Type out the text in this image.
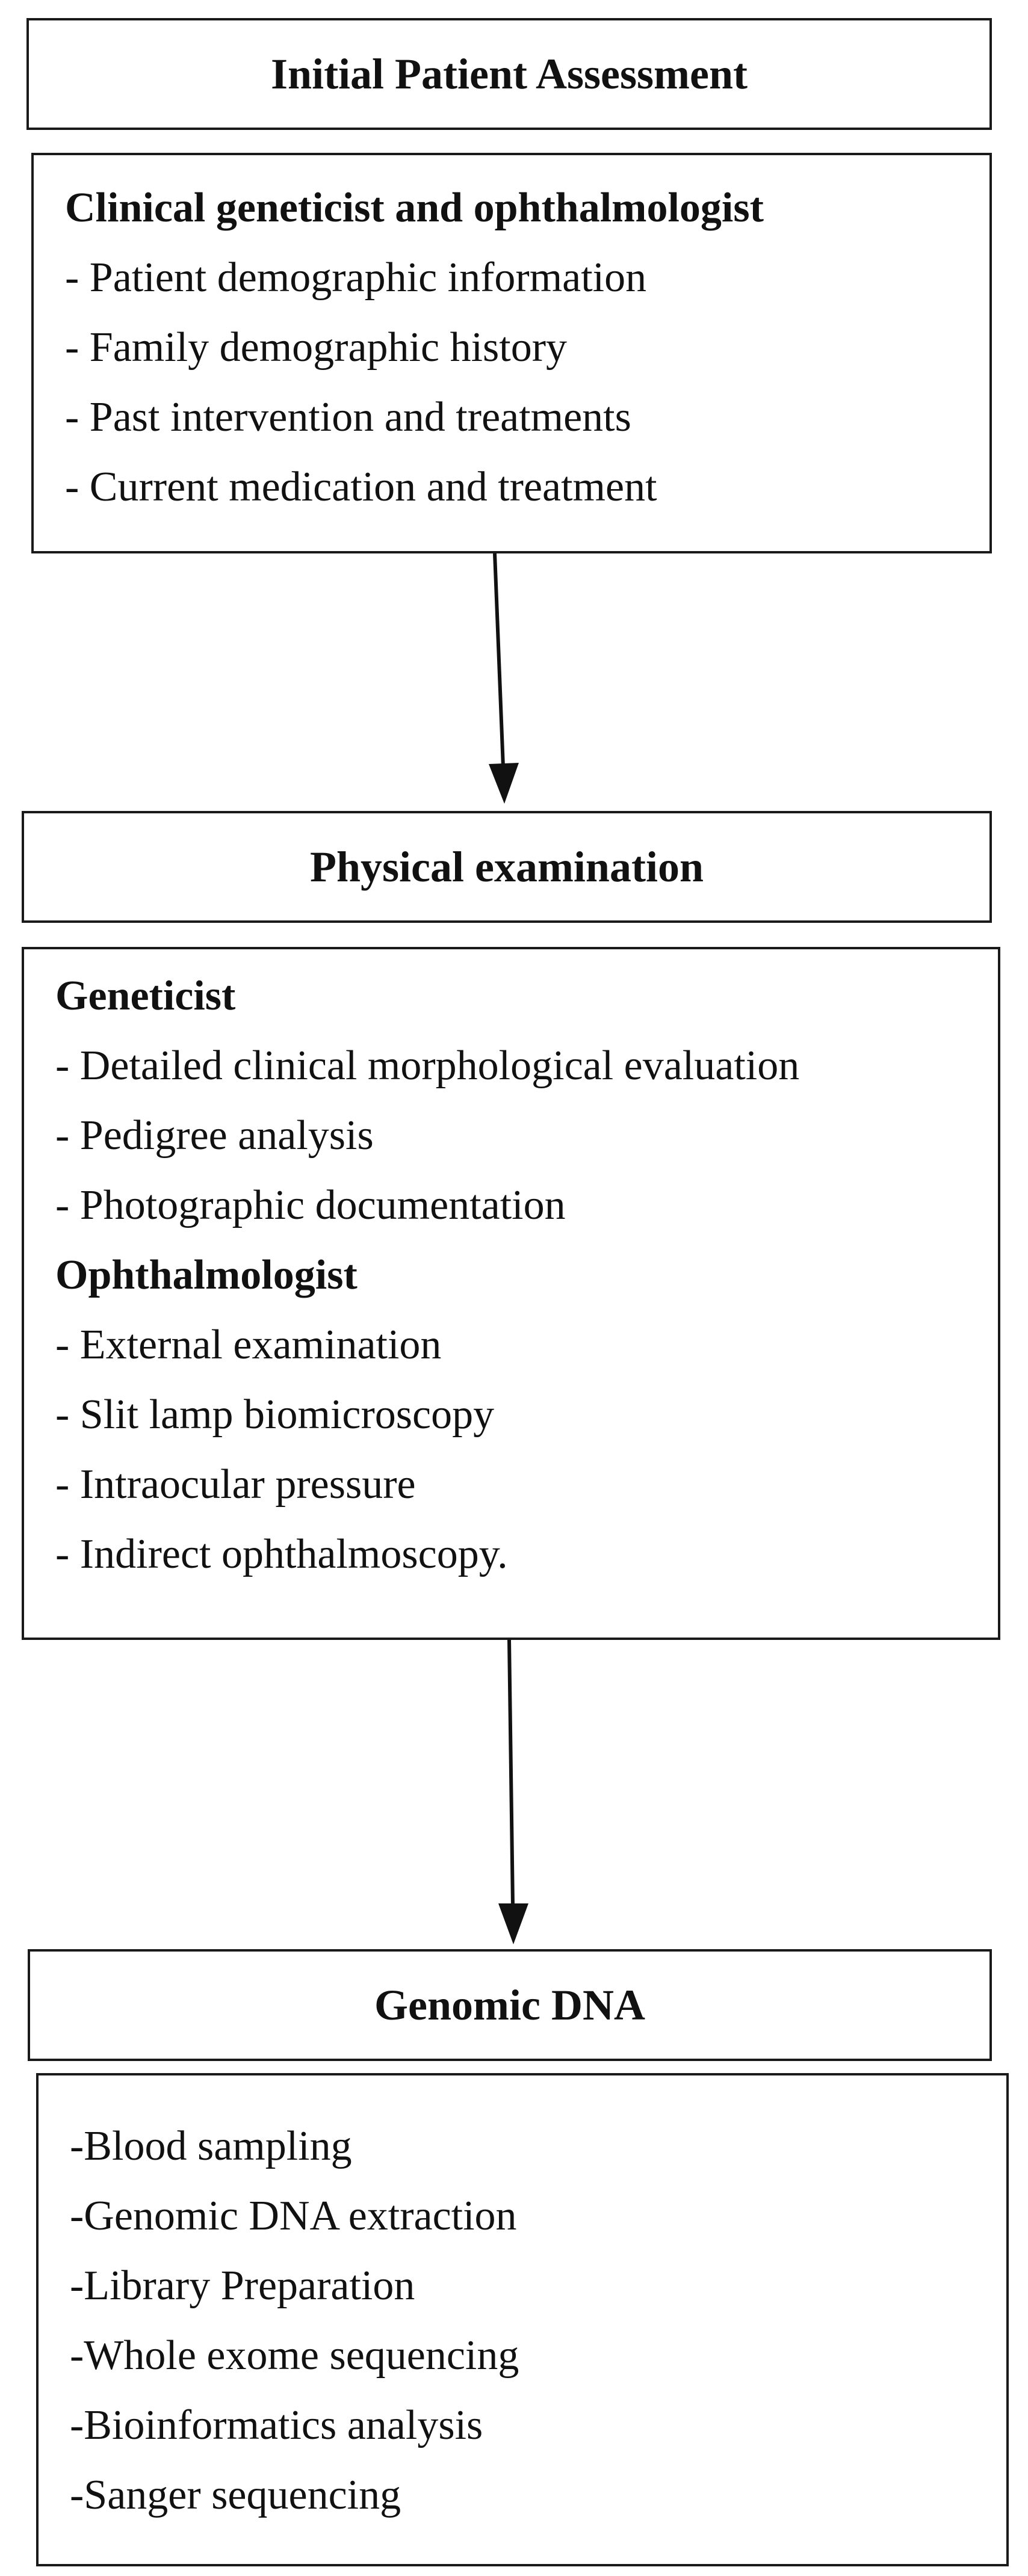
Initial Patient Assessment
Clinical geneticist and ophthalmologist
- Patient demographic information
- Family demographic history
- Past intervention and treatments
- Current medication and treatment
Physical examination
Geneticist
- Detailed clinical morphological evaluation
- Pedigree analysis
- Photographic documentation
Ophthalmologist
- External examination
- Slit lamp biomicroscopy
- Intraocular pressure
- Indirect ophthalmoscopy.
Genomic DNA
-Blood sampling
-Genomic DNA extraction
-Library Preparation
-Whole exome sequencing
-Bioinformatics analysis
-Sanger sequencing
